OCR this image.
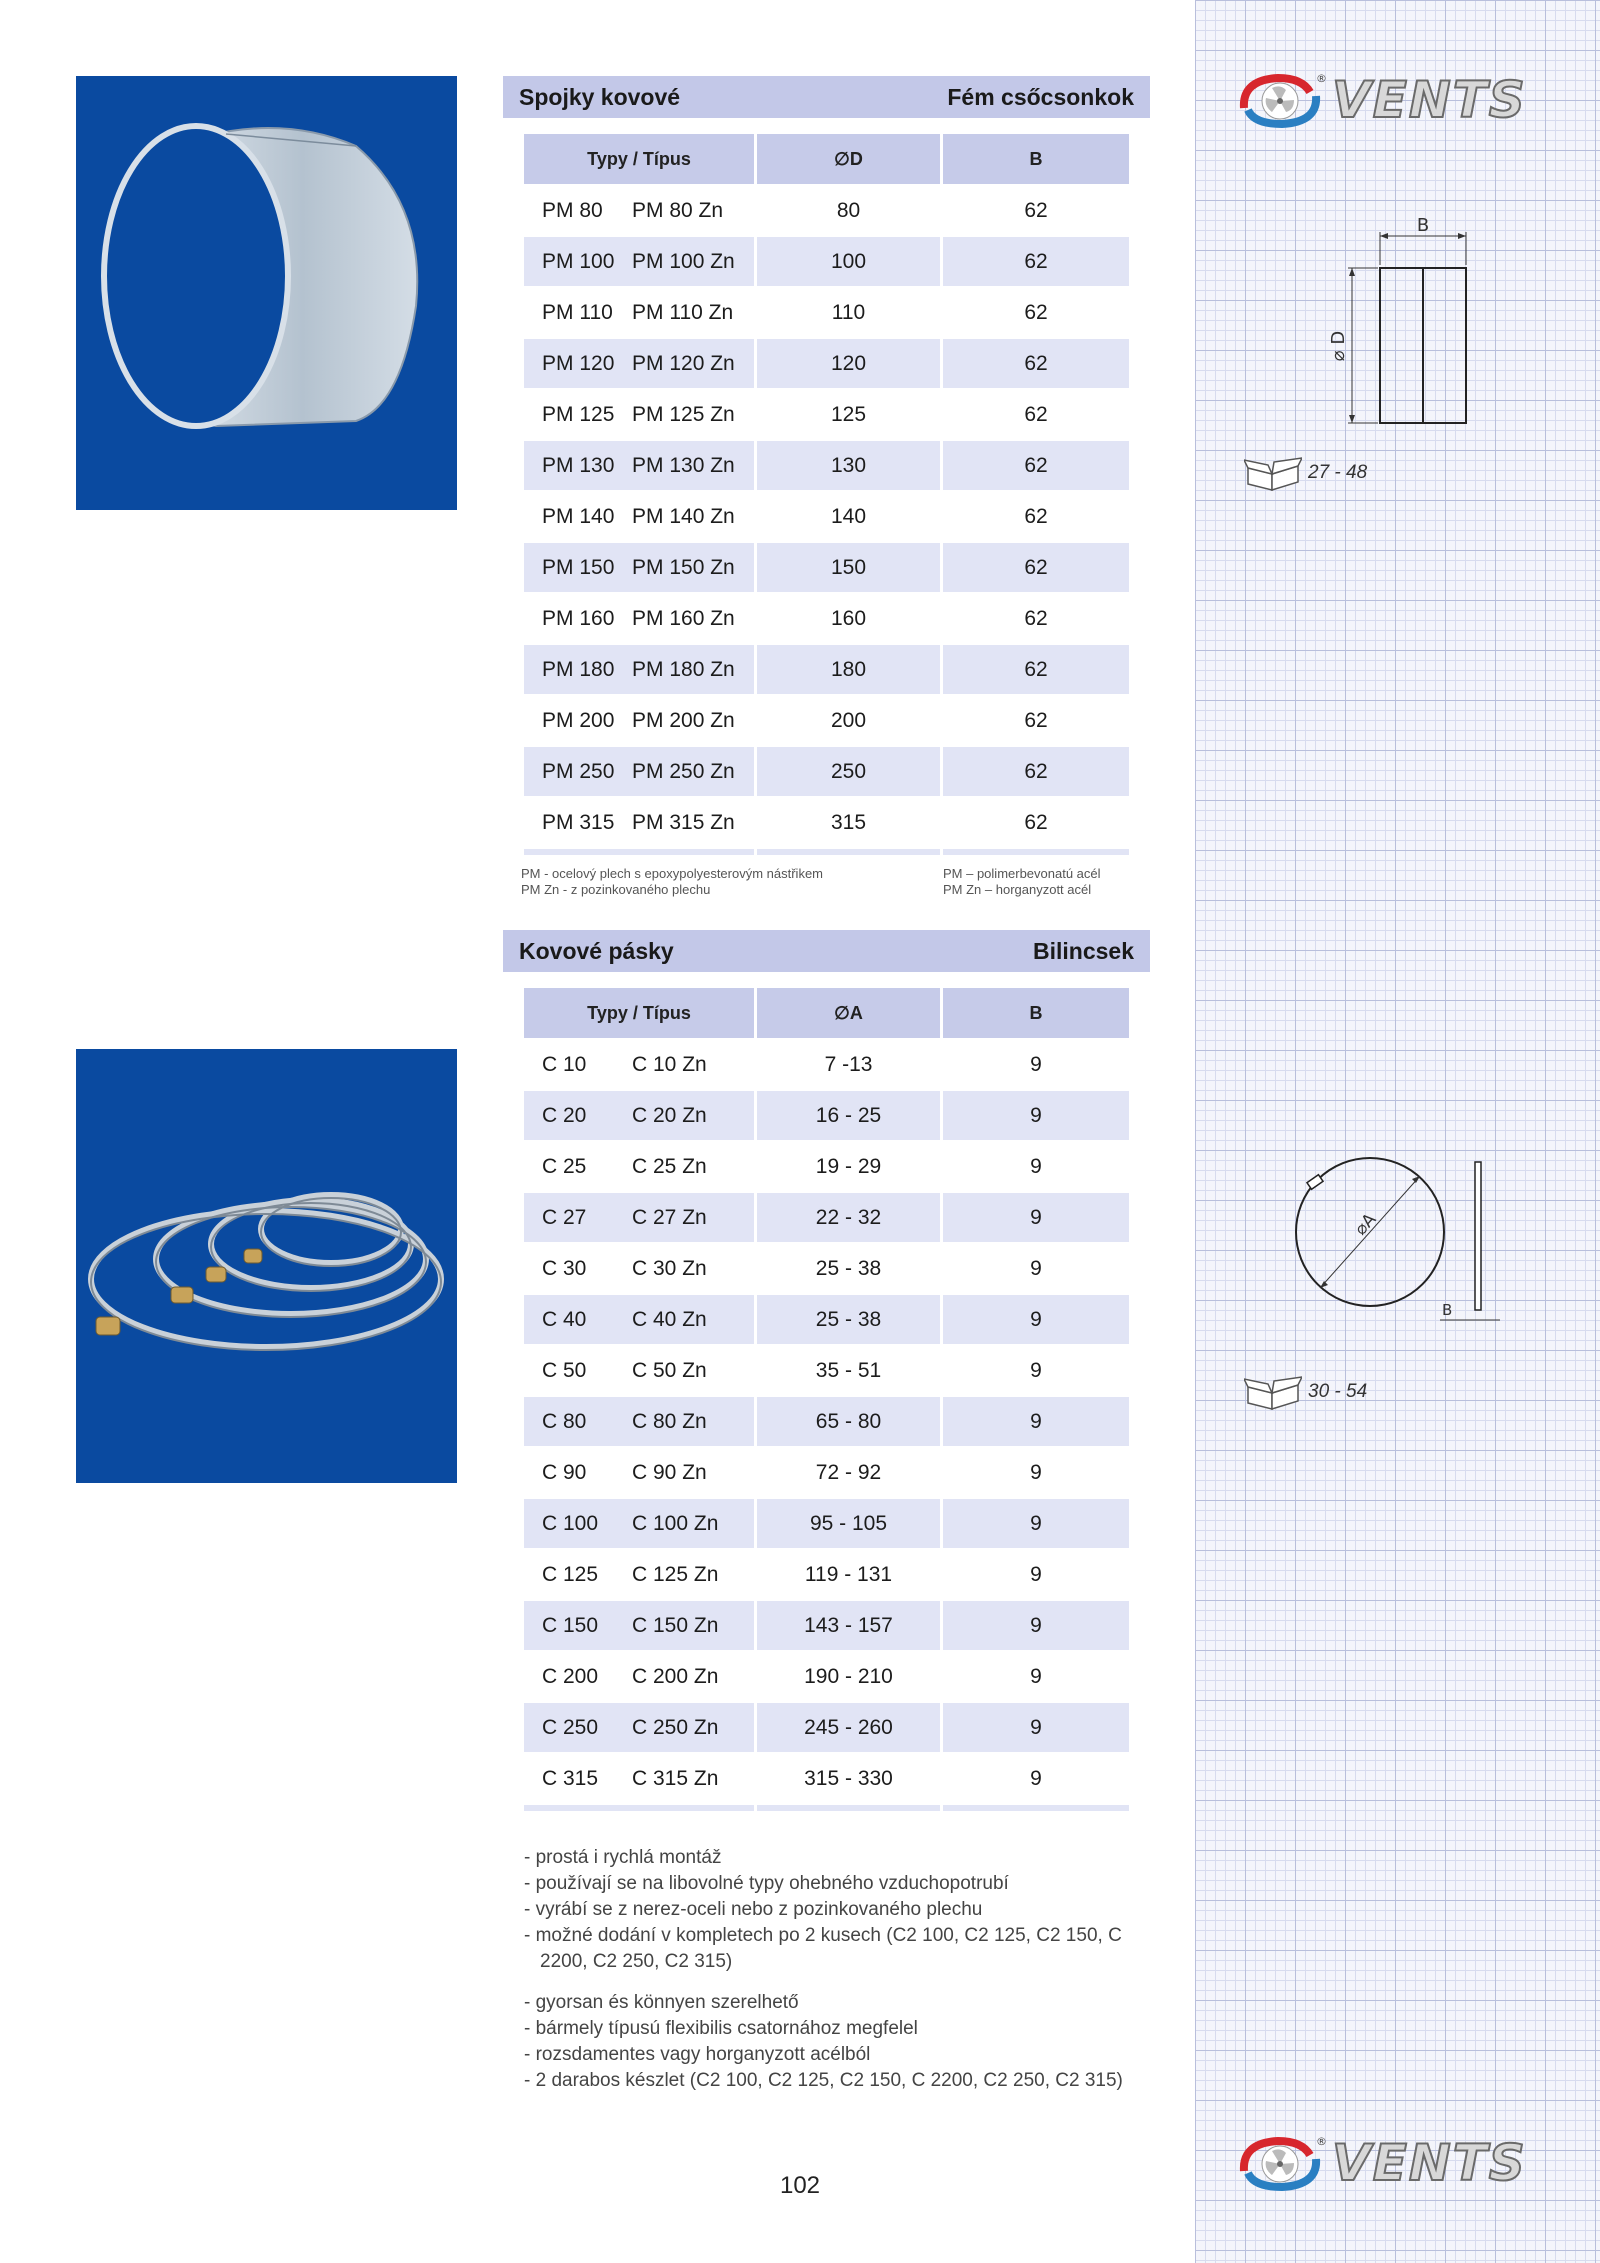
® VENTS
® VENTS
Spojky kovové	Fém csőcsonkok
Typy / Típus	∅D	B
PM 80	PM 80 Zn	80	62
PM 100 PM 100 Zn	100	62
PM 110 PM 110 Zn	110	62
PM 120 PM 120 Zn	120	62
PM 125 PM 125 Zn	125	62
PM 130 PM 130 Zn	130	62
PM 140 PM 140 Zn	140	62
PM 150 PM 150 Zn	150	62
PM 160 PM 160 Zn	160	62
PM 180 PM 180 Zn	180	62
PM 200 PM 200 Zn	200	62
PM 250 PM 250 Zn	250	62
PM 315 PM 315 Zn	315	62
PM - ocelový plech s epoxypolyesterovým nástřikem
PM Zn - z pozinkovaného plechu
PM – polimerbevonatú acél
PM Zn – horganyzott acél
B
⌀ D
27 - 48
Kovové pásky	Bilincsek
Typy / Típus	∅A	B
C 10	C 10 Zn	7 -13	9
C 20	C 20 Zn	16 - 25	9
C 25	C 25 Zn	19 - 29	9
C 27	C 27 Zn	22 - 32	9
C 30	C 30 Zn	25 - 38	9
C 40	C 40 Zn	25 - 38	9
C 50	C 50 Zn	35 - 51	9
C 80	C 80 Zn	65 - 80	9
C 90	C 90 Zn	72 - 92	9
C 100	C 100 Zn	95 - 105	9
C 125	C 125 Zn	119 - 131	9
C 150	C 150 Zn	143 - 157	9
C 200	C 200 Zn	190 - 210	9
C 250	C 250 Zn	245 - 260	9
C 315	C 315 Zn	315 - 330	9
⌀A
B
30 - 54
- prostá i rychlá montáž
- používají se na libovolné typy ohebného vzduchopotrubí
- vyrábí se z nerez-oceli nebo z pozinkovaného plechu
- možné dodání v kompletech po 2 kusech (C2 100, C2 125, C2 150, C 2200, C2 250, C2 315)
- gyorsan és könnyen szerelhető
- bármely típusú flexibilis csatornához megfelel
- rozsdamentes vagy horganyzott acélból
- 2 darabos készlet (C2 100, C2 125, C2 150, C 2200, C2 250, C2 315)
102
